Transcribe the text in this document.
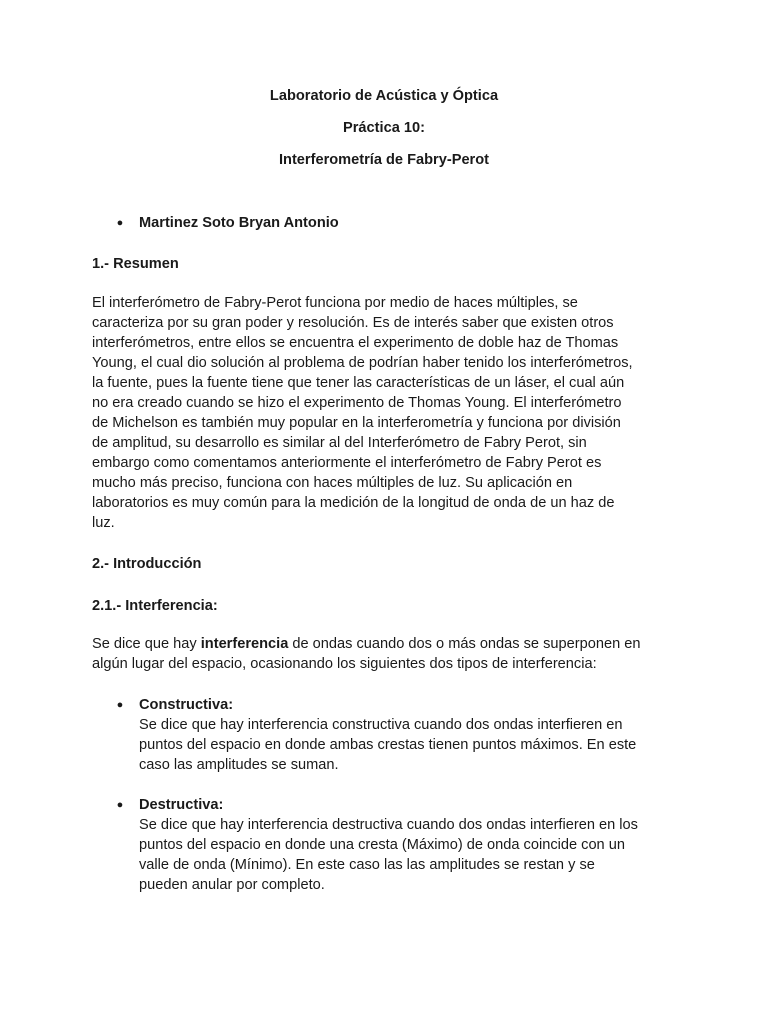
Laboratorio de Acústica y Óptica
Práctica 10:
Interferometría de Fabry-Perot
● Martinez Soto Bryan Antonio

1.- Resumen
El interferómetro de Fabry-Perot funciona por medio de haces múltiples, se
caracteriza por su gran poder y resolución. Es de interés saber que existen otros
interferómetros, entre ellos se encuentra el experimento de doble haz de Thomas
Young, el cual dio solución al problema de podrían haber tenido los interferómetros,
la fuente, pues la fuente tiene que tener las características de un láser, el cual aún
no era creado cuando se hizo el experimento de Thomas Young. El interferómetro
de Michelson es también muy popular en la interferometría y funciona por división
de amplitud, su desarrollo es similar al del Interferómetro de Fabry Perot, sin
embargo como comentamos anteriormente el interferómetro de Fabry Perot es
mucho más preciso, funciona con haces múltiples de luz. Su aplicación en
laboratorios es muy común para la medición de la longitud de onda de un haz de
luz.
2.- Introducción
2.1.- Interferencia:
Se dice que hay interferencia de ondas cuando dos o más ondas se superponen en
algún lugar del espacio, ocasionando los siguientes dos tipos de interferencia:
● Constructiva:
Se dice que hay interferencia constructiva cuando dos ondas interfieren en
puntos del espacio en donde ambas crestas tienen puntos máximos. En este
caso las amplitudes se suman.
● Destructiva:
Se dice que hay interferencia destructiva cuando dos ondas interfieren en los
puntos del espacio en donde una cresta (Máximo) de onda coincide con un
valle de onda (Mínimo). En este caso las las amplitudes se restan y se
pueden anular por completo.
